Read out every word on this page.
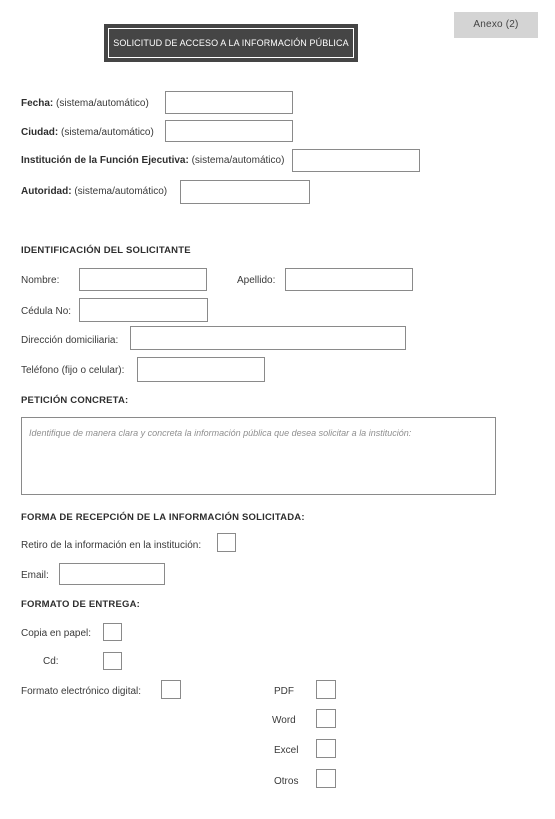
Anexo (2)
SOLICITUD DE ACCESO A LA INFORMACIÓN PÚBLICA
Fecha: (sistema/automático)
Ciudad: (sistema/automático)
Institución de la Función Ejecutiva: (sistema/automático)
Autoridad: (sistema/automático)
IDENTIFICACIÓN DEL SOLICITANTE
Nombre:	Apellido:
Cédula No:
Dirección domiciliaria:
Teléfono (fijo o celular):
PETICIÓN CONCRETA:
Identifique de manera clara y concreta la información pública que desea solicitar a la institución:
FORMA DE RECEPCIÓN DE LA INFORMACIÓN SOLICITADA:
Retiro de la información en la institución:
Email:
FORMATO DE ENTREGA:
Copia en papel:
Cd:
Formato electrónico digital:	PDF
Word
Excel
Otros
